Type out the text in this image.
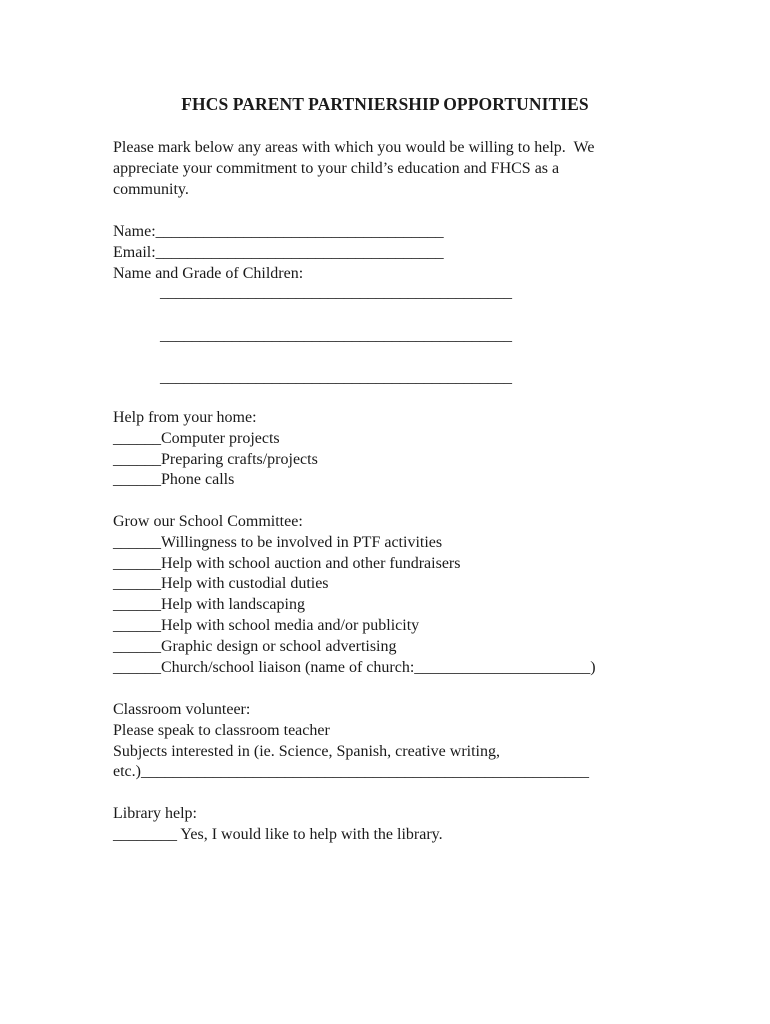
FHCS PARENT PARTNIERSHIP OPPORTUNITIES
Please mark below any areas with which you would be willing to help.  We
appreciate your commitment to your child’s education and FHCS as a
community.
Name:____________________________________
Email:____________________________________
Name and Grade of Children:
____________________________________________
____________________________________________
____________________________________________
Help from your home:
______Computer projects
______Preparing crafts/projects
______Phone calls
Grow our School Committee:
______Willingness to be involved in PTF activities
______Help with school auction and other fundraisers
______Help with custodial duties
______Help with landscaping
______Help with school media and/or publicity
______Graphic design or school advertising
______Church/school liaison (name of church:______________________)
Classroom volunteer:
Please speak to classroom teacher
Subjects interested in (ie. Science, Spanish, creative writing,
etc.)________________________________________________________
Library help:
________ Yes, I would like to help with the library.
